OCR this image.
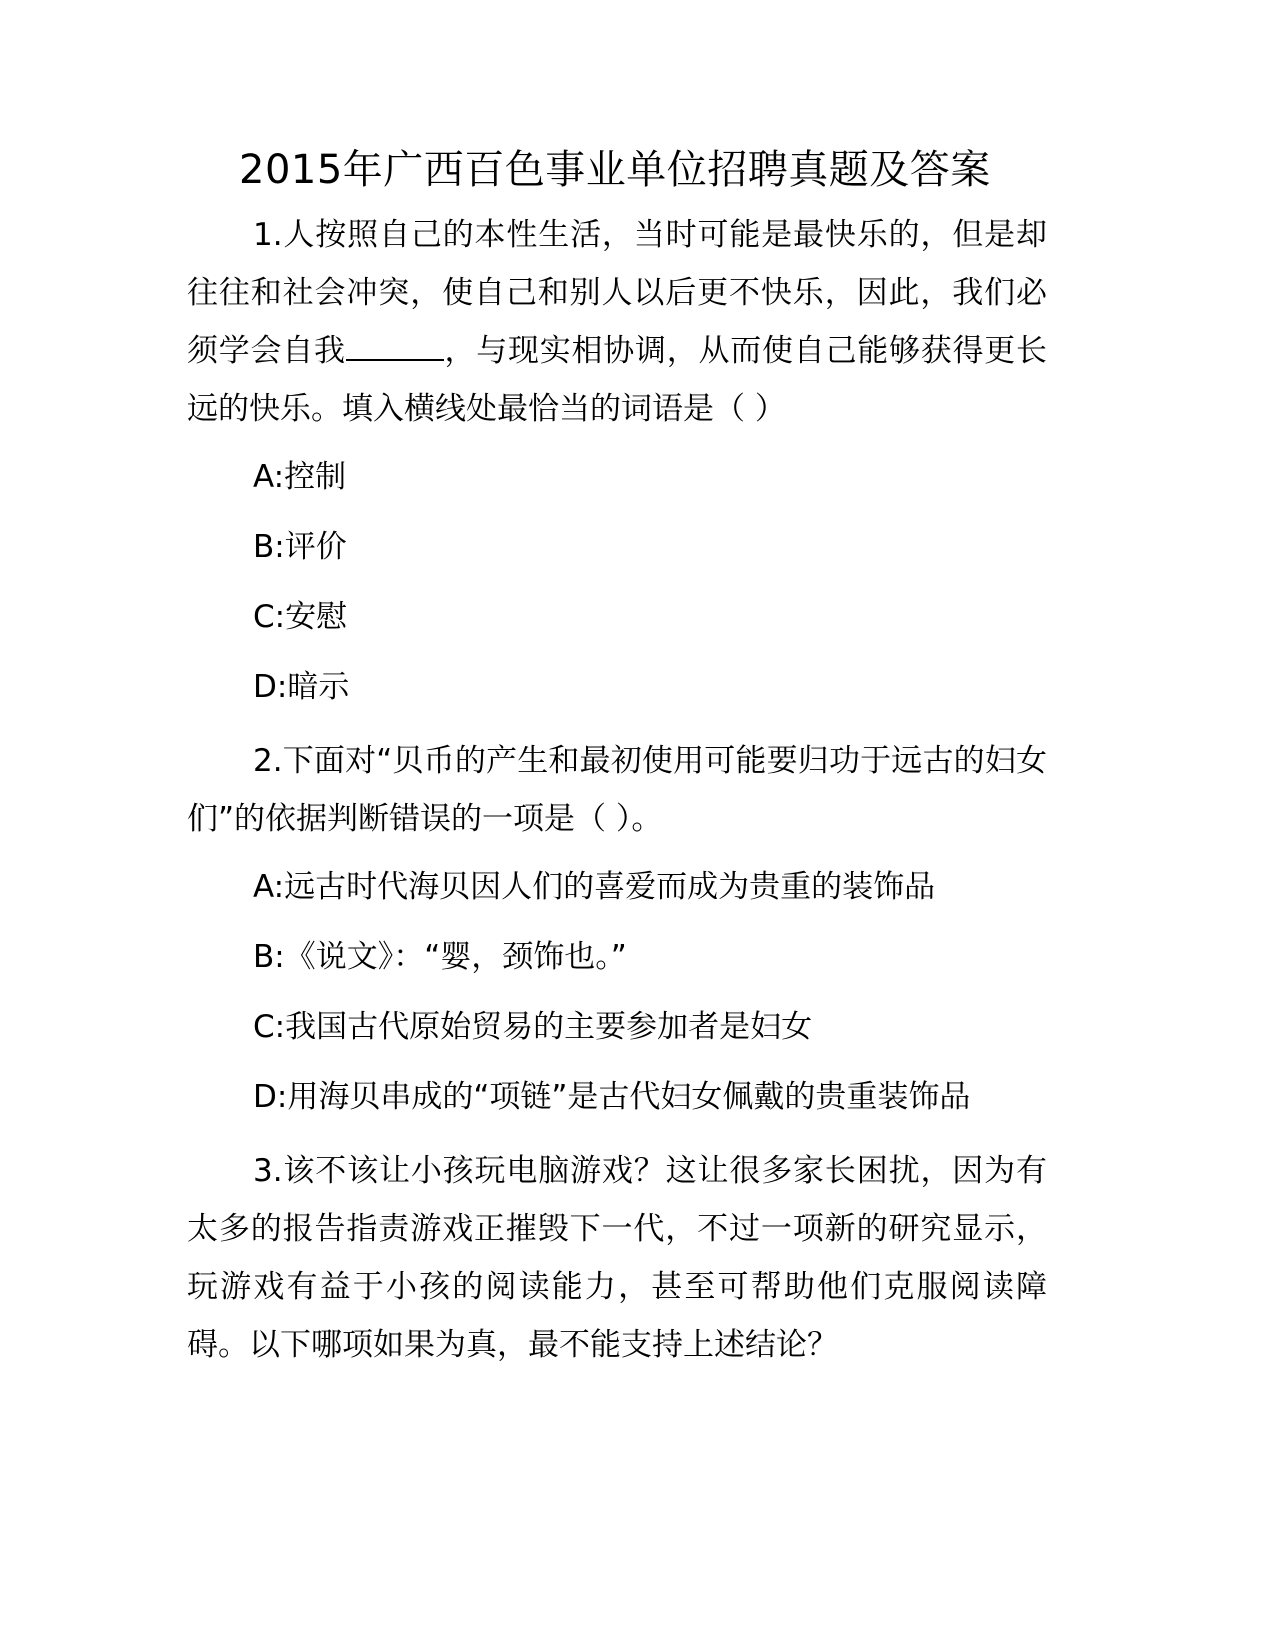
2015年广西百色事业单位招聘真题及答案

1.人按照自己的本性生活，当时可能是最快乐的，但是却往往和社会冲突，使自己和别人以后更不快乐，因此，我们必须学会自我	，与现实相协调，从而使自己能够获得更长远的快乐。填入横线处最恰当的词语是（ ）

A:控制
B:评价
C:安慰
D:暗示

2.下面对“贝币的产生和最初使用可能要归功于远古的妇女们”的依据判断错误的一项是（ ）。

A:远古时代海贝因人们的喜爱而成为贵重的装饰品
B:《说文》：“婴，颈饰也。”
C:我国古代原始贸易的主要参加者是妇女
D:用海贝串成的“项链”是古代妇女佩戴的贵重装饰品

3.该不该让小孩玩电脑游戏？这让很多家长困扰，因为有太多的报告指责游戏正摧毁下一代，不过一项新的研究显示，玩游戏有益于小孩的阅读能力，甚至可帮助他们克服阅读障碍。以下哪项如果为真，最不能支持上述结论？
